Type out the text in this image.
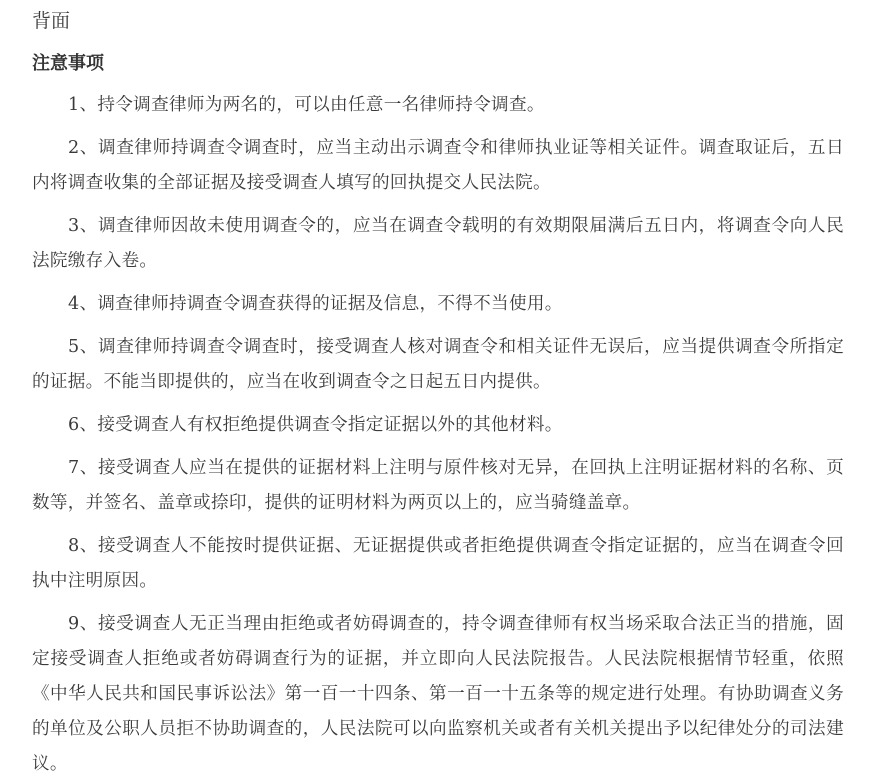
背面
注意事项

1、持令调查律师为两名的，可以由任意一名律师持令调查。

2、调查律师持调查令调查时，应当主动出示调查令和律师执业证等相关证件。调查取证后，五日内将调查收集的全部证据及接受调查人填写的回执提交人民法院。

3、调查律师因故未使用调查令的，应当在调查令载明的有效期限届满后五日内，将调查令向人民法院缴存入卷。

4、调查律师持调查令调查获得的证据及信息，不得不当使用。

5、调查律师持调查令调查时，接受调查人核对调查令和相关证件无误后，应当提供调查令所指定的证据。不能当即提供的，应当在收到调查令之日起五日内提供。

6、接受调查人有权拒绝提供调查令指定证据以外的其他材料。

7、接受调查人应当在提供的证据材料上注明与原件核对无异，在回执上注明证据材料的名称、页数等，并签名、盖章或捺印，提供的证明材料为两页以上的，应当骑缝盖章。

8、接受调查人不能按时提供证据、无证据提供或者拒绝提供调查令指定证据的，应当在调查令回执中注明原因。

9、接受调查人无正当理由拒绝或者妨碍调查的，持令调查律师有权当场采取合法正当的措施，固定接受调查人拒绝或者妨碍调查行为的证据，并立即向人民法院报告。人民法院根据情节轻重，依照《中华人民共和国民事诉讼法》第一百一十四条、第一百一十五条等的规定进行处理。有协助调查义务的单位及公职人员拒不协助调查的，人民法院可以向监察机关或者有关机关提出予以纪律处分的司法建议。
